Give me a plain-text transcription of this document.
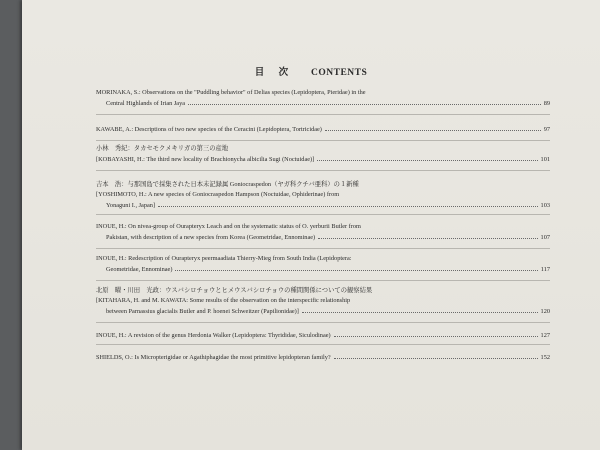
目 次 CONTENTS
MORINAKA, S.: Observations on the "Puddling behavior" of Delias species (Lepidoptera, Pieridae) in the
Central Highlands of Irian Jaya	89
KAWABE, A.: Descriptions of two new species of the Ceracini (Lepidoptera, Tortricidae)	97
小林　秀紀：タカセモクメキリガの第三の産地
[KOBAYASHI, H.: The third new locality of Brachionycha albicilia Sugi (Noctuidae)]	101
吉本　浩：与那国島で採集された日本未記録属 Goniocraspedon（ヤガ科クチバ亜科）の１新種
[YOSHIMOTO, H.: A new species of Goniocraspedon Hampson (Noctuidae, Ophiderinae) from
Yonaguni I., Japan]	103
INOUE, H.: On nivea-group of Ourapteryx Leach and on the systematic status of O. yerburii Butler from
Pakistan, with description of a new species from Korea (Geometridae, Ennominae)	107
INOUE, H.: Redescription of Ourapteryx peermaadiata Thierry-Mieg from South India (Lepidoptera:
Geometridae, Ennominae)	117
北原　曜・川田　光政：ウスバシロチョウとヒメウスバシロチョウの種間関係についての観察結果
[KITAHARA, H. and M. KAWATA: Some results of the observation on the interspecific relationship
between Parnassius glacialis Butler and P. hoenei Schweitzer (Papilionidae)]	120
INOUE, H.: A revision of the genus Herdonia Walker (Lepidoptera: Thyrididae, Siculodinae)	127
SHIELDS, O.: Is Micropterigidae or Agathiphagidae the most primitive lepidopteran family?	152
